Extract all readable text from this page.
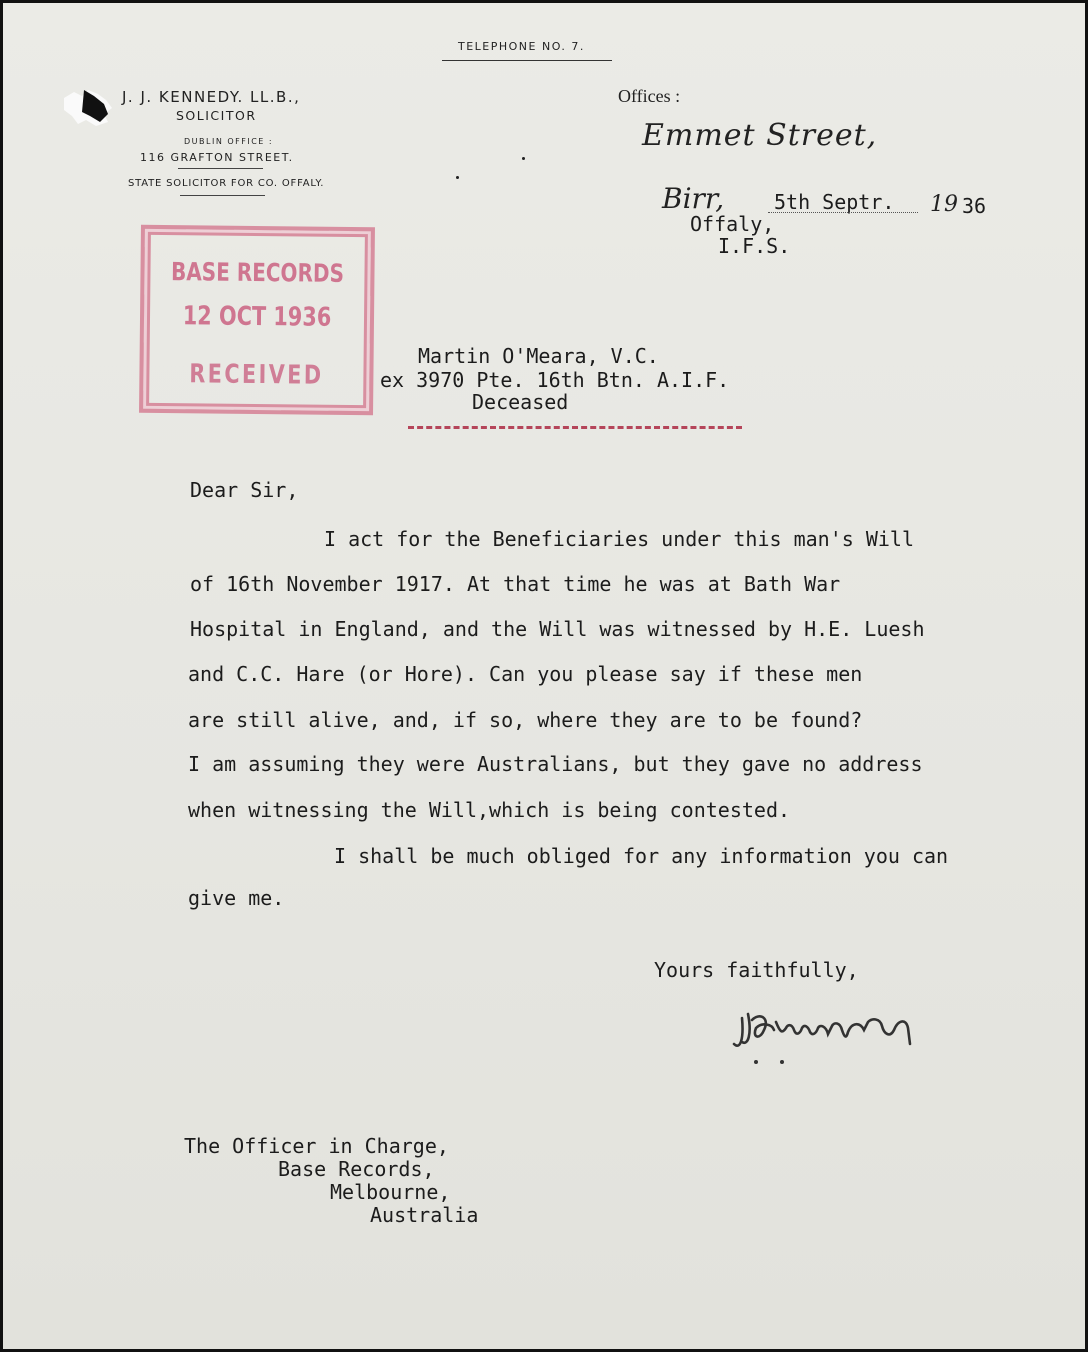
TELEPHONE NO. 7.
J. J. KENNEDY. LL.B.,
SOLICITOR
DUBLIN OFFICE :
116 GRAFTON STREET.
STATE SOLICITOR FOR CO. OFFALY.
Offices :
Emmet Street,
Birr, 5th Septr. 19 36
Offaly,
I.F.S.
BASE RECORDS
12 OCT 1936
RECEIVED
Martin O'Meara, V.C.
ex 3970 Pte. 16th Btn. A.I.F.
Deceased
Dear Sir,
I act for the Beneficiaries under this man's Will
of 16th November 1917. At that time he was at Bath War
Hospital in England, and the Will was witnessed by H.E. Luesh
and C.C. Hare (or Hore). Can you please say if these men
are still alive, and, if so, where they are to be found?
I am assuming they were Australians, but they gave no address
when witnessing the Will,which is being contested.
I shall be much obliged for any information you can
give me.
Yours faithfully,
The Officer in Charge,
Base Records,
Melbourne,
Australia
